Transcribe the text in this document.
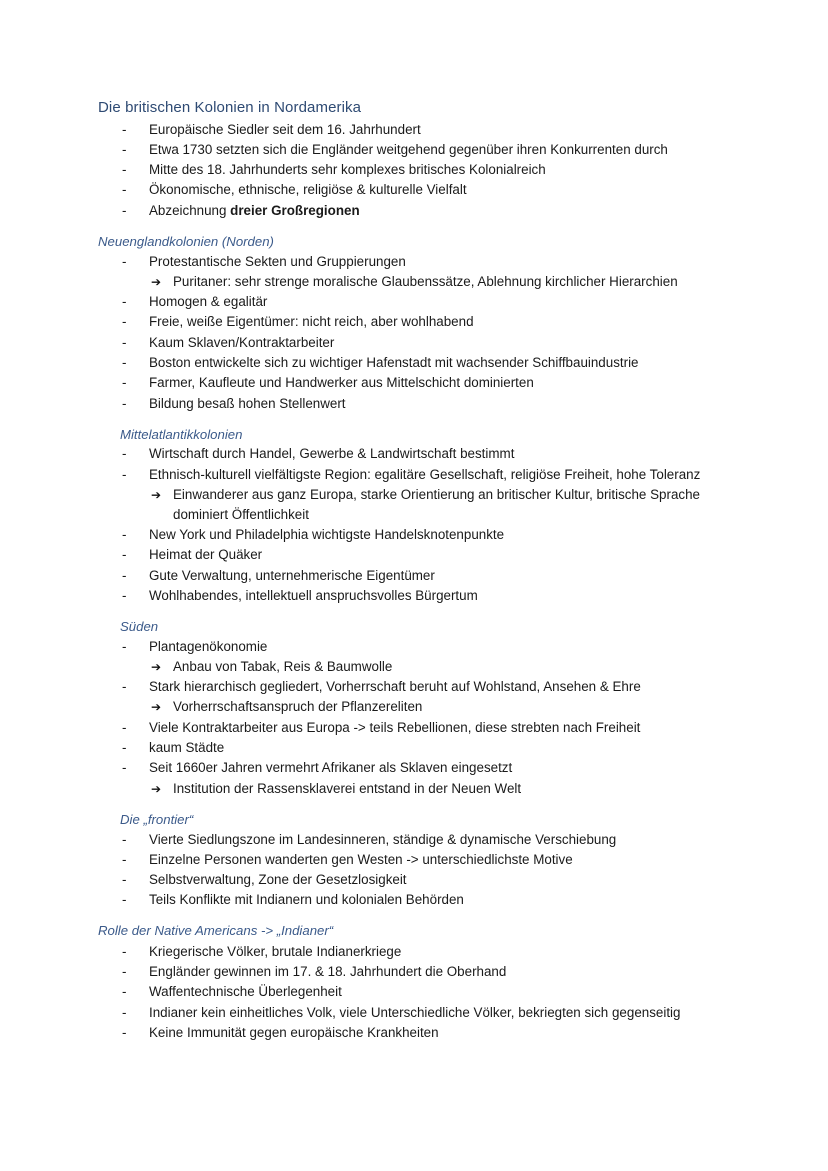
Die britischen Kolonien in Nordamerika
- Europäische Siedler seit dem 16. Jahrhundert
- Etwa 1730 setzten sich die Engländer weitgehend gegenüber ihren Konkurrenten durch
- Mitte des 18. Jahrhunderts sehr komplexes britisches Kolonialreich
- Ökonomische, ethnische, religiöse & kulturelle Vielfalt
- Abzeichnung dreier Großregionen
Neuenglandkolonien (Norden)
- Protestantische Sekten und Gruppierungen
➔ Puritaner: sehr strenge moralische Glaubenssätze, Ablehnung kirchlicher Hierarchien
- Homogen & egalitär
- Freie, weiße Eigentümer: nicht reich, aber wohlhabend
- Kaum Sklaven/Kontraktarbeiter
- Boston entwickelte sich zu wichtiger Hafenstadt mit wachsender Schiffbauindustrie
- Farmer, Kaufleute und Handwerker aus Mittelschicht dominierten
- Bildung besaß hohen Stellenwert
Mittelatlantikkolonien
- Wirtschaft durch Handel, Gewerbe & Landwirtschaft bestimmt
- Ethnisch-kulturell vielfältigste Region: egalitäre Gesellschaft, religiöse Freiheit, hohe Toleranz
➔ Einwanderer aus ganz Europa, starke Orientierung an britischer Kultur, britische Sprache
dominiert Öffentlichkeit
- New York und Philadelphia wichtigste Handelsknotenpunkte
- Heimat der Quäker
- Gute Verwaltung, unternehmerische Eigentümer
- Wohlhabendes, intellektuell anspruchsvolles Bürgertum
Süden
- Plantagenökonomie
➔ Anbau von Tabak, Reis & Baumwolle
- Stark hierarchisch gegliedert, Vorherrschaft beruht auf Wohlstand, Ansehen & Ehre
➔ Vorherrschaftsanspruch der Pflanzereliten
- Viele Kontraktarbeiter aus Europa -> teils Rebellionen, diese strebten nach Freiheit
- kaum Städte
- Seit 1660er Jahren vermehrt Afrikaner als Sklaven eingesetzt
➔ Institution der Rassensklaverei entstand in der Neuen Welt
Die „frontier“
- Vierte Siedlungszone im Landesinneren, ständige & dynamische Verschiebung
- Einzelne Personen wanderten gen Westen -> unterschiedlichste Motive
- Selbstverwaltung, Zone der Gesetzlosigkeit
- Teils Konflikte mit Indianern und kolonialen Behörden
Rolle der Native Americans -> „Indianer“
- Kriegerische Völker, brutale Indianerkriege
- Engländer gewinnen im 17. & 18. Jahrhundert die Oberhand
- Waffentechnische Überlegenheit
- Indianer kein einheitliches Volk, viele Unterschiedliche Völker, bekriegten sich gegenseitig
- Keine Immunität gegen europäische Krankheiten
